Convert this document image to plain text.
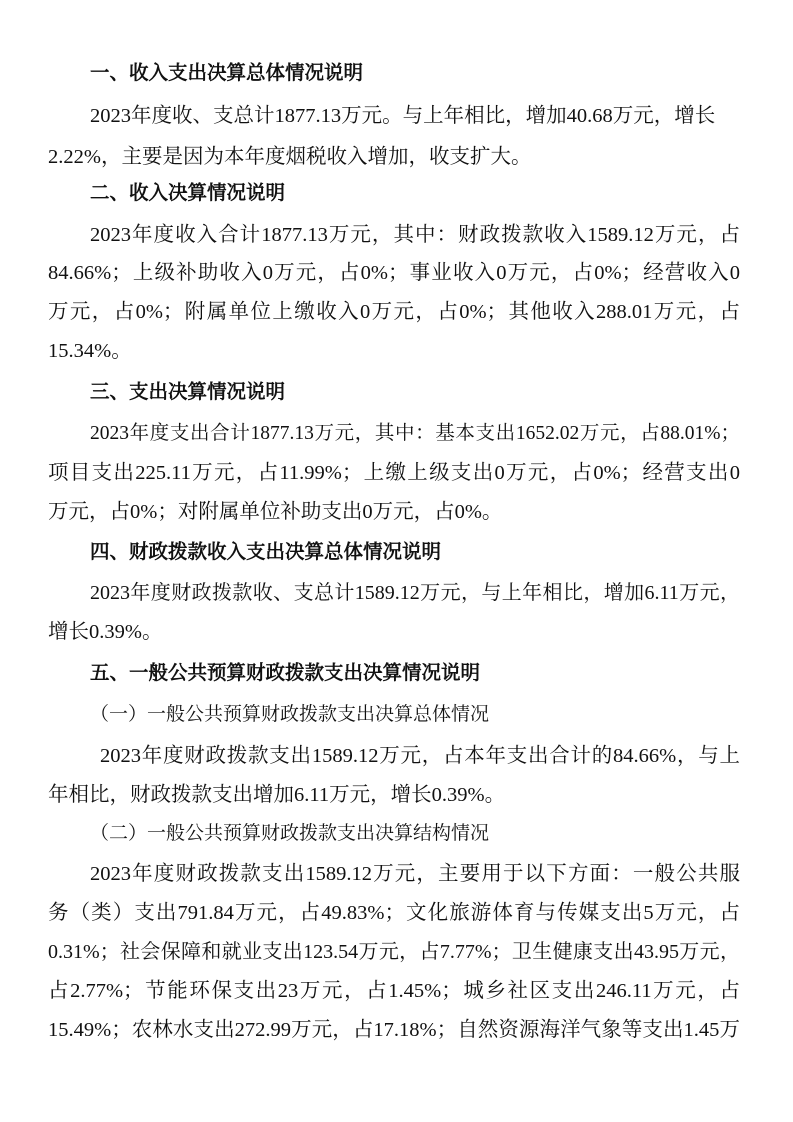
一、收入支出决算总体情况说明
2023年度收、支总计1877.13万元。与上年相比，增加40.68万元，增长
2.22%，主要是因为本年度烟税收入增加，收支扩大。
二、收入决算情况说明
2023年度收入合计1877.13万元，其中：财政拨款收入1589.12万元，占
84.66%；上级补助收入0万元，占0%；事业收入0万元，占0%；经营收入0
万元，占0%；附属单位上缴收入0万元，占0%；其他收入288.01万元，占
15.34%。
三、支出决算情况说明
2023年度支出合计1877.13万元，其中：基本支出1652.02万元，占88.01%；
项目支出225.11万元，占11.99%；上缴上级支出0万元，占0%；经营支出0
万元，占0%；对附属单位补助支出0万元，占0%。
四、财政拨款收入支出决算总体情况说明
2023年度财政拨款收、支总计1589.12万元，与上年相比，增加6.11万元，
增长0.39%。
五、一般公共预算财政拨款支出决算情况说明
（一）一般公共预算财政拨款支出决算总体情况
2023年度财政拨款支出1589.12万元，占本年支出合计的84.66%，与上
年相比，财政拨款支出增加6.11万元，增长0.39%。
（二）一般公共预算财政拨款支出决算结构情况
2023年度财政拨款支出1589.12万元，主要用于以下方面：一般公共服
务（类）支出791.84万元，占49.83%；文化旅游体育与传媒支出5万元，占
0.31%；社会保障和就业支出123.54万元，占7.77%；卫生健康支出43.95万元，
占2.77%；节能环保支出23万元，占1.45%；城乡社区支出246.11万元，占
15.49%；农林水支出272.99万元，占17.18%；自然资源海洋气象等支出1.45万
